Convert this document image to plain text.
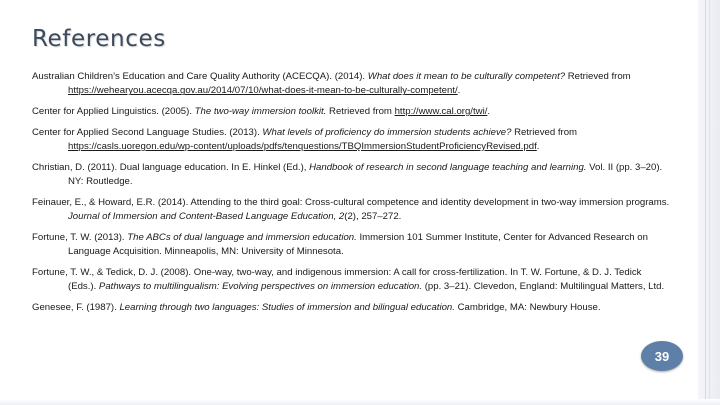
References

Australian Children’s Education and Care Quality Authority (ACECQA). (2014). What does it mean to be culturally competent? Retrieved from https://wehearyou.acecqa.gov.au/2014/07/10/what-does-it-mean-to-be-culturally-competent/.

Center for Applied Linguistics. (2005). The two-way immersion toolkit. Retrieved from http://www.cal.org/twi/.

Center for Applied Second Language Studies. (2013). What levels of proficiency do immersion students achieve? Retrieved from https://casls.uoregon.edu/wp-content/uploads/pdfs/tenquestions/TBQImmersionStudentProficiencyRevised.pdf.

Christian, D. (2011). Dual language education. In E. Hinkel (Ed.), Handbook of research in second language teaching and learning. Vol. II (pp. 3–20). NY: Routledge.

Feinauer, E., & Howard, E.R. (2014). Attending to the third goal: Cross-cultural competence and identity development in two-way immersion programs. Journal of Immersion and Content-Based Language Education, 2(2), 257–272.

Fortune, T. W. (2013). The ABCs of dual language and immersion education. Immersion 101 Summer Institute, Center for Advanced Research on Language Acquisition. Minneapolis, MN: University of Minnesota.

Fortune, T. W., & Tedick, D. J. (2008). One-way, two-way, and indigenous immersion: A call for cross-fertilization. In T. W. Fortune, & D. J. Tedick (Eds.). Pathways to multilingualism: Evolving perspectives on immersion education. (pp. 3–21). Clevedon, England: Multilingual Matters, Ltd.

Genesee, F. (1987). Learning through two languages: Studies of immersion and bilingual education. Cambridge, MA: Newbury House.

39
